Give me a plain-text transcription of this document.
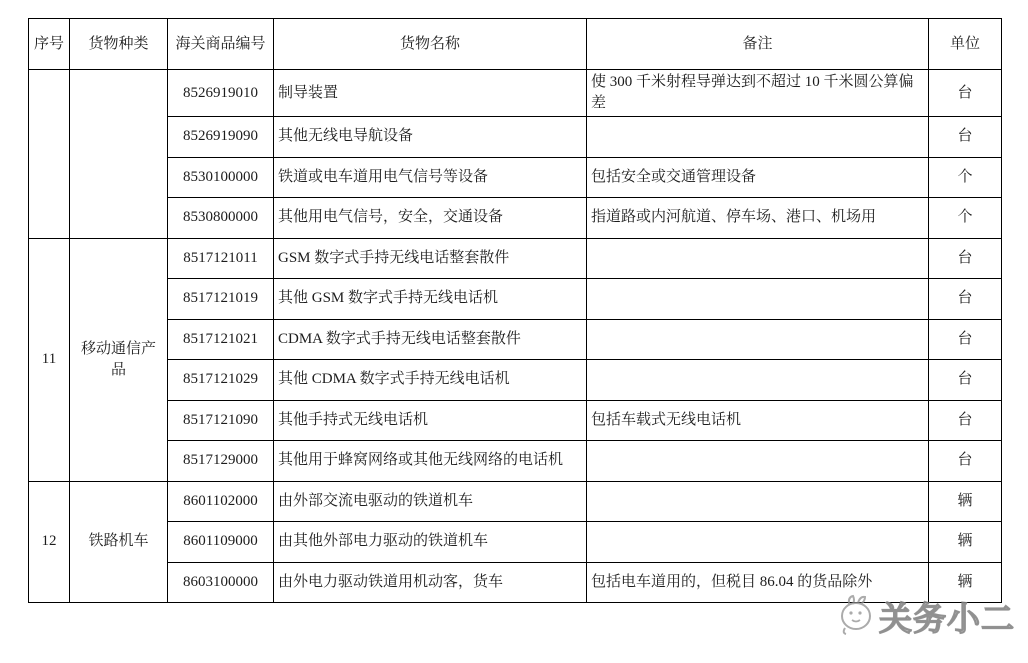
序号	货物种类	海关商品编号	货物名称	备注	单位
		8526919010	制导装置	使 300 千米射程导弹达到不超过 10 千米圆公算偏差	台
		8526919090	其他无线电导航设备		台
		8530100000	铁道或电车道用电气信号等设备	包括安全或交通管理设备	个
		8530800000	其他用电气信号，安全，交通设备	指道路或内河航道、停车场、港口、机场用	个
11	移动通信产品	8517121011	GSM 数字式手持无线电话整套散件		台
		8517121019	其他 GSM 数字式手持无线电话机		台
		8517121021	CDMA 数字式手持无线电话整套散件		台
		8517121029	其他 CDMA 数字式手持无线电话机		台
		8517121090	其他手持式无线电话机	包括车载式无线电话机	台
		8517129000	其他用于蜂窝网络或其他无线网络的电话机		台
12	铁路机车	8601102000	由外部交流电驱动的铁道机车		辆
		8601109000	由其他外部电力驱动的铁道机车		辆
		8603100000	由外电力驱动铁道用机动客，货车	包括电车道用的，但税目 86.04 的货品除外	辆
关务小二
